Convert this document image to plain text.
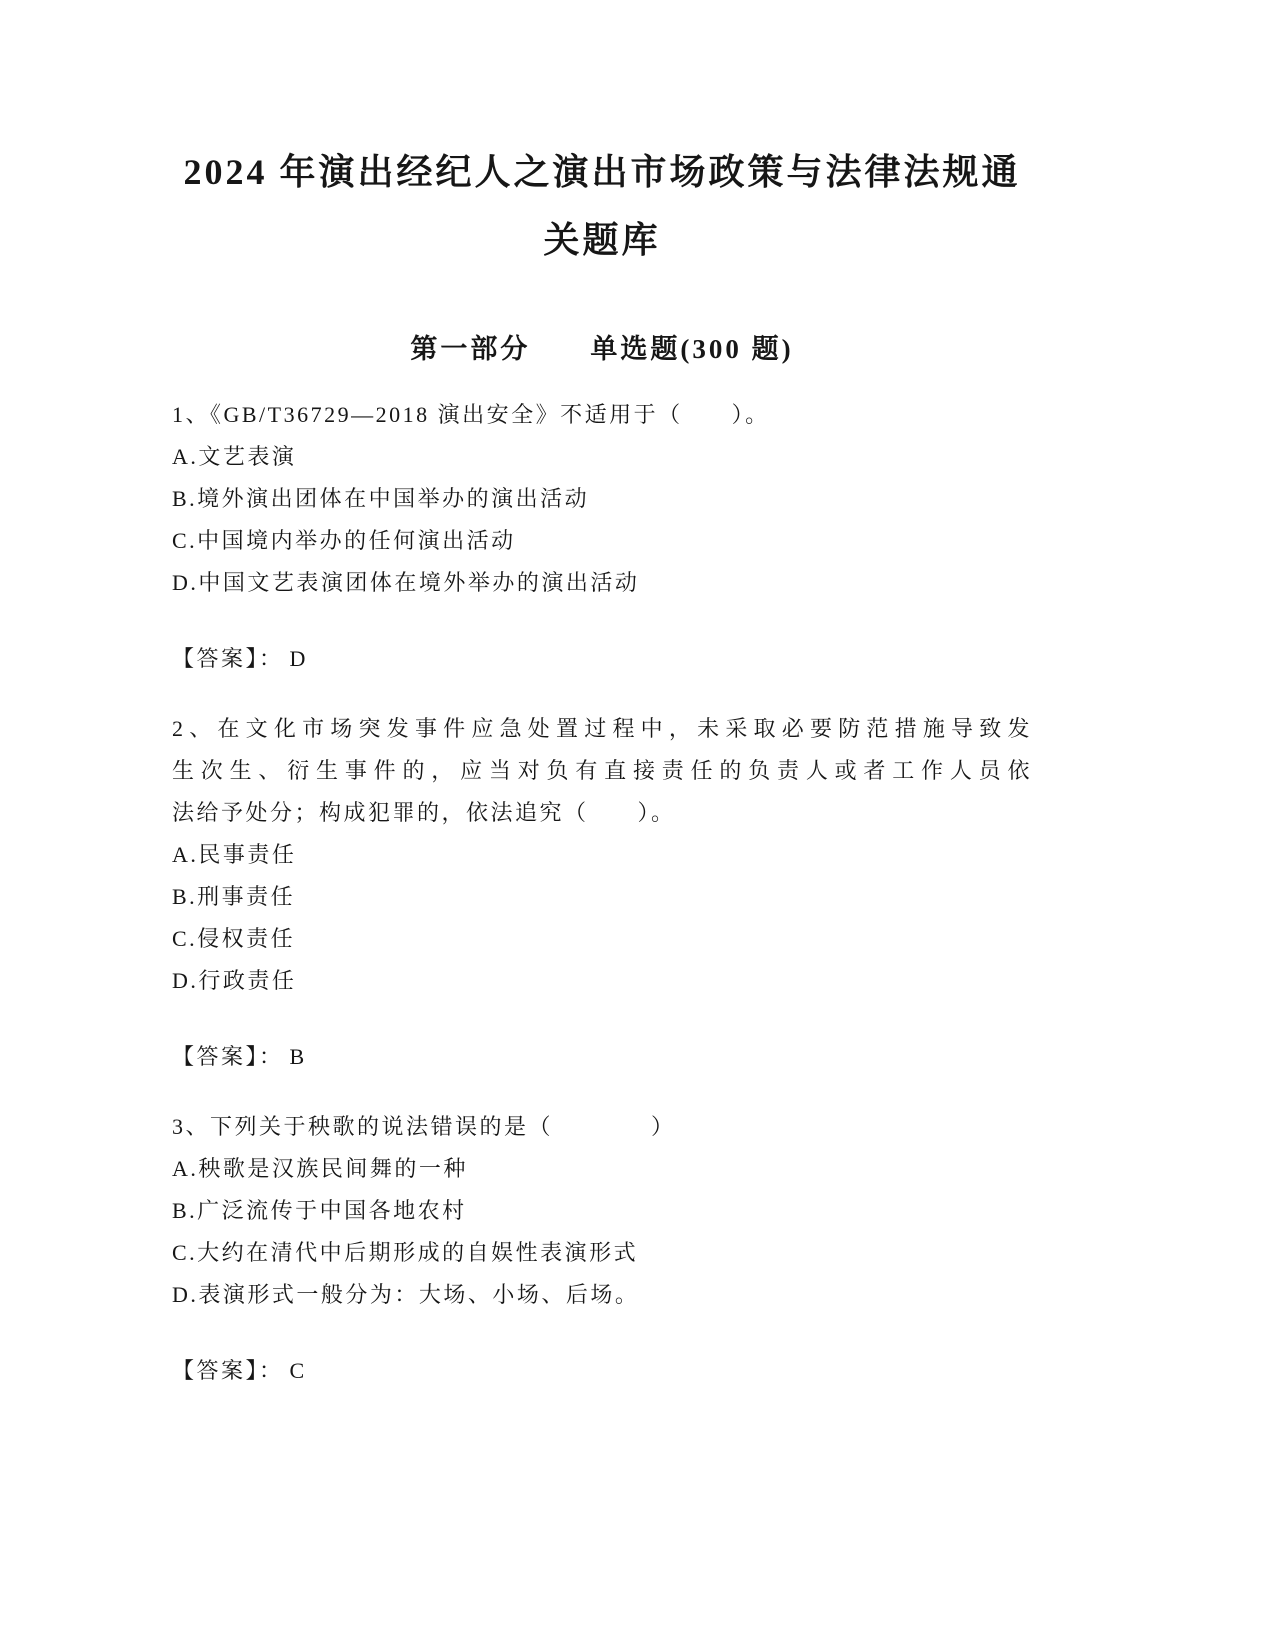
2024 年演出经纪人之演出市场政策与法律法规通关题库
第一部分　　单选题(300 题)

1、《GB/T36729—2018 演出安全》不适用于（　　）。

A.文艺表演

B.境外演出团体在中国举办的演出活动

C.中国境内举办的任何演出活动

D.中国文艺表演团体在境外举办的演出活动

【答案】： D

2、在文化市场突发事件应急处置过程中，未采取必要防范措施导致发

生次生、衍生事件的，应当对负有直接责任的负责人或者工作人员依

法给予处分；构成犯罪的，依法追究（　　）。

A.民事责任

B.刑事责任

C.侵权责任

D.行政责任

【答案】： B

3、下列关于秧歌的说法错误的是（　　　　）

A.秧歌是汉族民间舞的一种

B.广泛流传于中国各地农村

C.大约在清代中后期形成的自娱性表演形式

D.表演形式一般分为：大场、小场、后场。

【答案】： C
